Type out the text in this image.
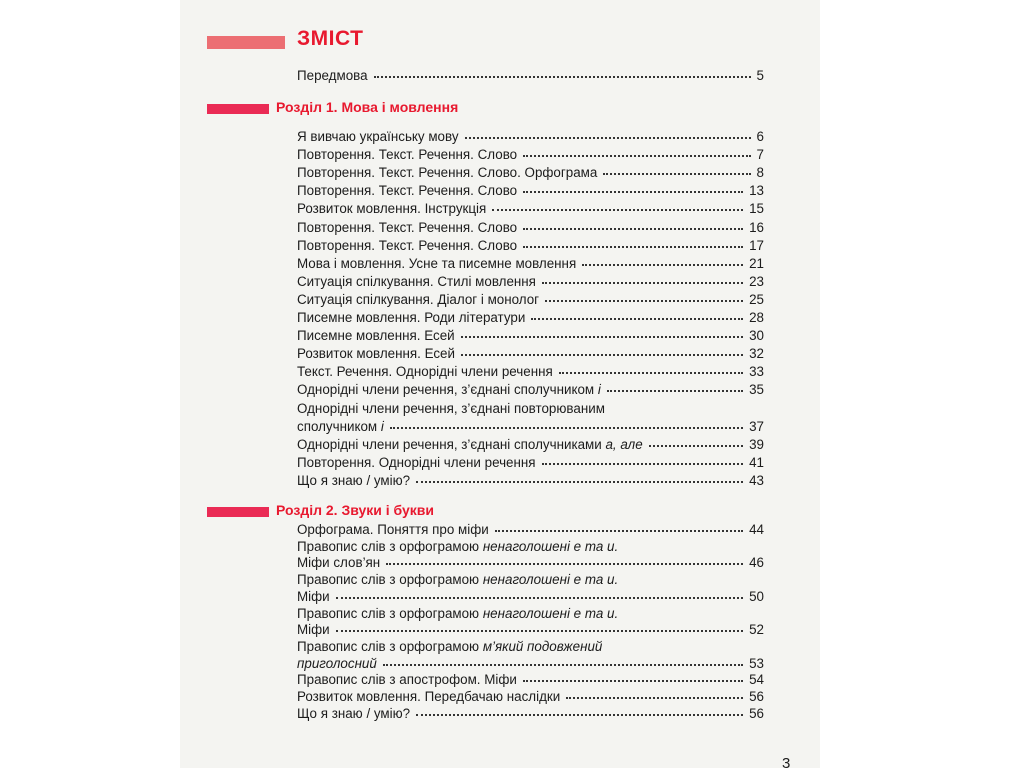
ЗМІСТ
Передмова	5
Розділ 1. Мова і мовлення
Я вивчаю українську мову	6
Повторення. Текст. Речення. Слово	7
Повторення. Текст. Речення. Слово. Орфограма	8
Повторення. Текст. Речення. Слово	13
Розвиток мовлення. Інструкція	15
Повторення. Текст. Речення. Слово	16
Повторення. Текст. Речення. Слово	17
Мова і мовлення. Усне та писемне мовлення	21
Ситуація спілкування. Стилі мовлення	23
Ситуація спілкування. Діалог і монолог	25
Писемне мовлення. Роди літератури	28
Писемне мовлення. Есей	30
Розвиток мовлення. Есей	32
Текст. Речення. Однорідні члени речення	33
Однорідні члени речення, з’єднані сполучником і	35
Однорідні члени речення, з’єднані повторюваним
сполучником і	37
Однорідні члени речення, з’єднані сполучниками а, але	39
Повторення. Однорідні члени речення	41
Що я знаю / умію?	43
Розділ 2. Звуки і букви
Орфограма. Поняття про міфи	44
Правопис слів з орфограмою ненаголошені е та и.
Міфи слов’ян	46
Правопис слів з орфограмою ненаголошені е та и.
Міфи	50
Правопис слів з орфограмою ненаголошені е та и.
Міфи	52
Правопис слів з орфограмою м’який подовжений
приголосний	53
Правопис слів з апострофом. Міфи	54
Розвиток мовлення. Передбачаю наслідки	56
Що я знаю / умію?	56
3
